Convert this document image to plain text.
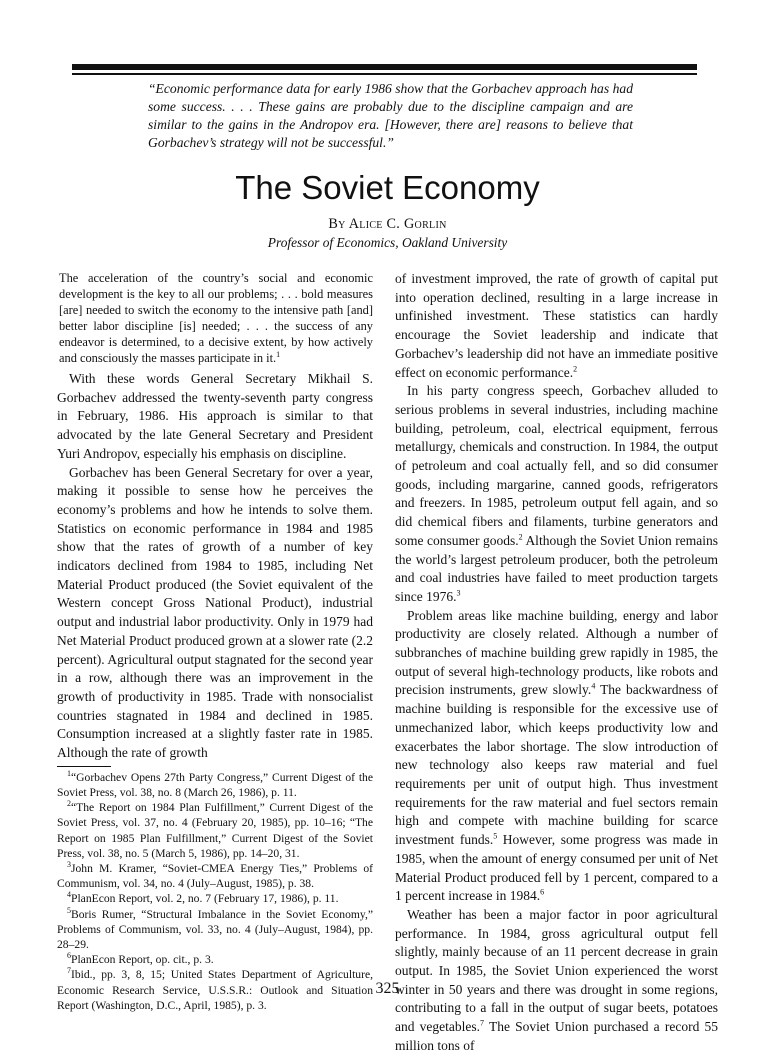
“Economic performance data for early 1986 show that the Gorbachev approach has had some success. . . . These gains are probably due to the discipline campaign and are similar to the gains in the Andropov era. [However, there are] reasons to believe that Gorbachev’s strategy will not be successful.”

The Soviet Economy
By Alice C. Gorlin
Professor of Economics, Oakland University

The acceleration of the country’s social and economic development is the key to all our problems; . . . bold measures [are] needed to switch the economy to the intensive path [and] better labor discipline [is] needed; . . . the success of any endeavor is determined, to a decisive extent, by how actively and consciously the masses participate in it.$^1$

With these words General Secretary Mikhail S. Gorbachev addressed the twenty-seventh party congress in February, 1986. His approach is similar to that advocated by the late General Secretary and President Yuri Andropov, especially his emphasis on discipline.

Gorbachev has been General Secretary for over a year, making it possible to sense how he perceives the economy’s problems and how he intends to solve them. Statistics on economic performance in 1984 and 1985 show that the rates of growth of a number of key indicators declined from 1984 to 1985, including Net Material Product produced (the Soviet equivalent of the Western concept Gross National Product), industrial output and industrial labor productivity. Only in 1979 had Net Material Product produced grown at a slower rate (2.2 percent). Agricultural output stagnated for the second year in a row, although there was an improvement in the growth of productivity in 1985. Trade with nonsocialist countries stagnated in 1984 and declined in 1985. Consumption increased at a slightly faster rate in 1985. Although the rate of growth

$^1$“Gorbachev Opens 27th Party Congress,” Current Digest of the Soviet Press, vol. 38, no. 8 (March 26, 1986), p. 11.

$^2$“The Report on 1984 Plan Fulfillment,” Current Digest of the Soviet Press, vol. 37, no. 4 (February 20, 1985), pp. 10–16; “The Report on 1985 Plan Fulfillment,” Current Digest of the Soviet Press, vol. 38, no. 5 (March 5, 1986), pp. 14–20, 31.

$^3$John M. Kramer, “Soviet-CMEA Energy Ties,” Problems of Communism, vol. 34, no. 4 (July–August, 1985), p. 38.

$^4$PlanEcon Report, vol. 2, no. 7 (February 17, 1986), p. 11.

$^5$Boris Rumer, “Structural Imbalance in the Soviet Economy,” Problems of Communism, vol. 33, no. 4 (July–August, 1984), pp. 28–29.

$^6$PlanEcon Report, op. cit., p. 3.

$^7$Ibid., pp. 3, 8, 15; United States Department of Agriculture, Economic Research Service, U.S.S.R.: Outlook and Situation Report (Washington, D.C., April, 1985), p. 3.

of investment improved, the rate of growth of capital put into operation declined, resulting in a large increase in unfinished investment. These statistics can hardly encourage the Soviet leadership and indicate that Gorbachev’s leadership did not have an immediate positive effect on economic performance.$^2$

In his party congress speech, Gorbachev alluded to serious problems in several industries, including machine building, petroleum, coal, electrical equipment, ferrous metallurgy, chemicals and construction. In 1984, the output of petroleum and coal actually fell, and so did consumer goods, including margarine, canned goods, refrigerators and freezers. In 1985, petroleum output fell again, and so did chemical fibers and filaments, turbine generators and some consumer goods.$^2$ Although the Soviet Union remains the world’s largest petroleum producer, both the petroleum and coal industries have failed to meet production targets since 1976.$^3$

Problem areas like machine building, energy and labor productivity are closely related. Although a number of subbranches of machine building grew rapidly in 1985, the output of several high-technology products, like robots and precision instruments, grew slowly.$^4$ The backwardness of machine building is responsible for the excessive use of unmechanized labor, which keeps productivity low and exacerbates the labor shortage. The slow introduction of new technology also keeps raw material and fuel requirements per unit of output high. Thus investment requirements for the raw material and fuel sectors remain high and compete with machine building for scarce investment funds.$^5$ However, some progress was made in 1985, when the amount of energy consumed per unit of Net Material Product produced fell by 1 percent, compared to a 1 percent increase in 1984.$^6$

Weather has been a major factor in poor agricultural performance. In 1984, gross agricultural output fell slightly, mainly because of an 11 percent decrease in grain output. In 1985, the Soviet Union experienced the worst winter in 50 years and there was drought in some regions, contributing to a fall in the output of sugar beets, potatoes and vegetables.$^7$ The Soviet Union purchased a record 55 million tons of

325
